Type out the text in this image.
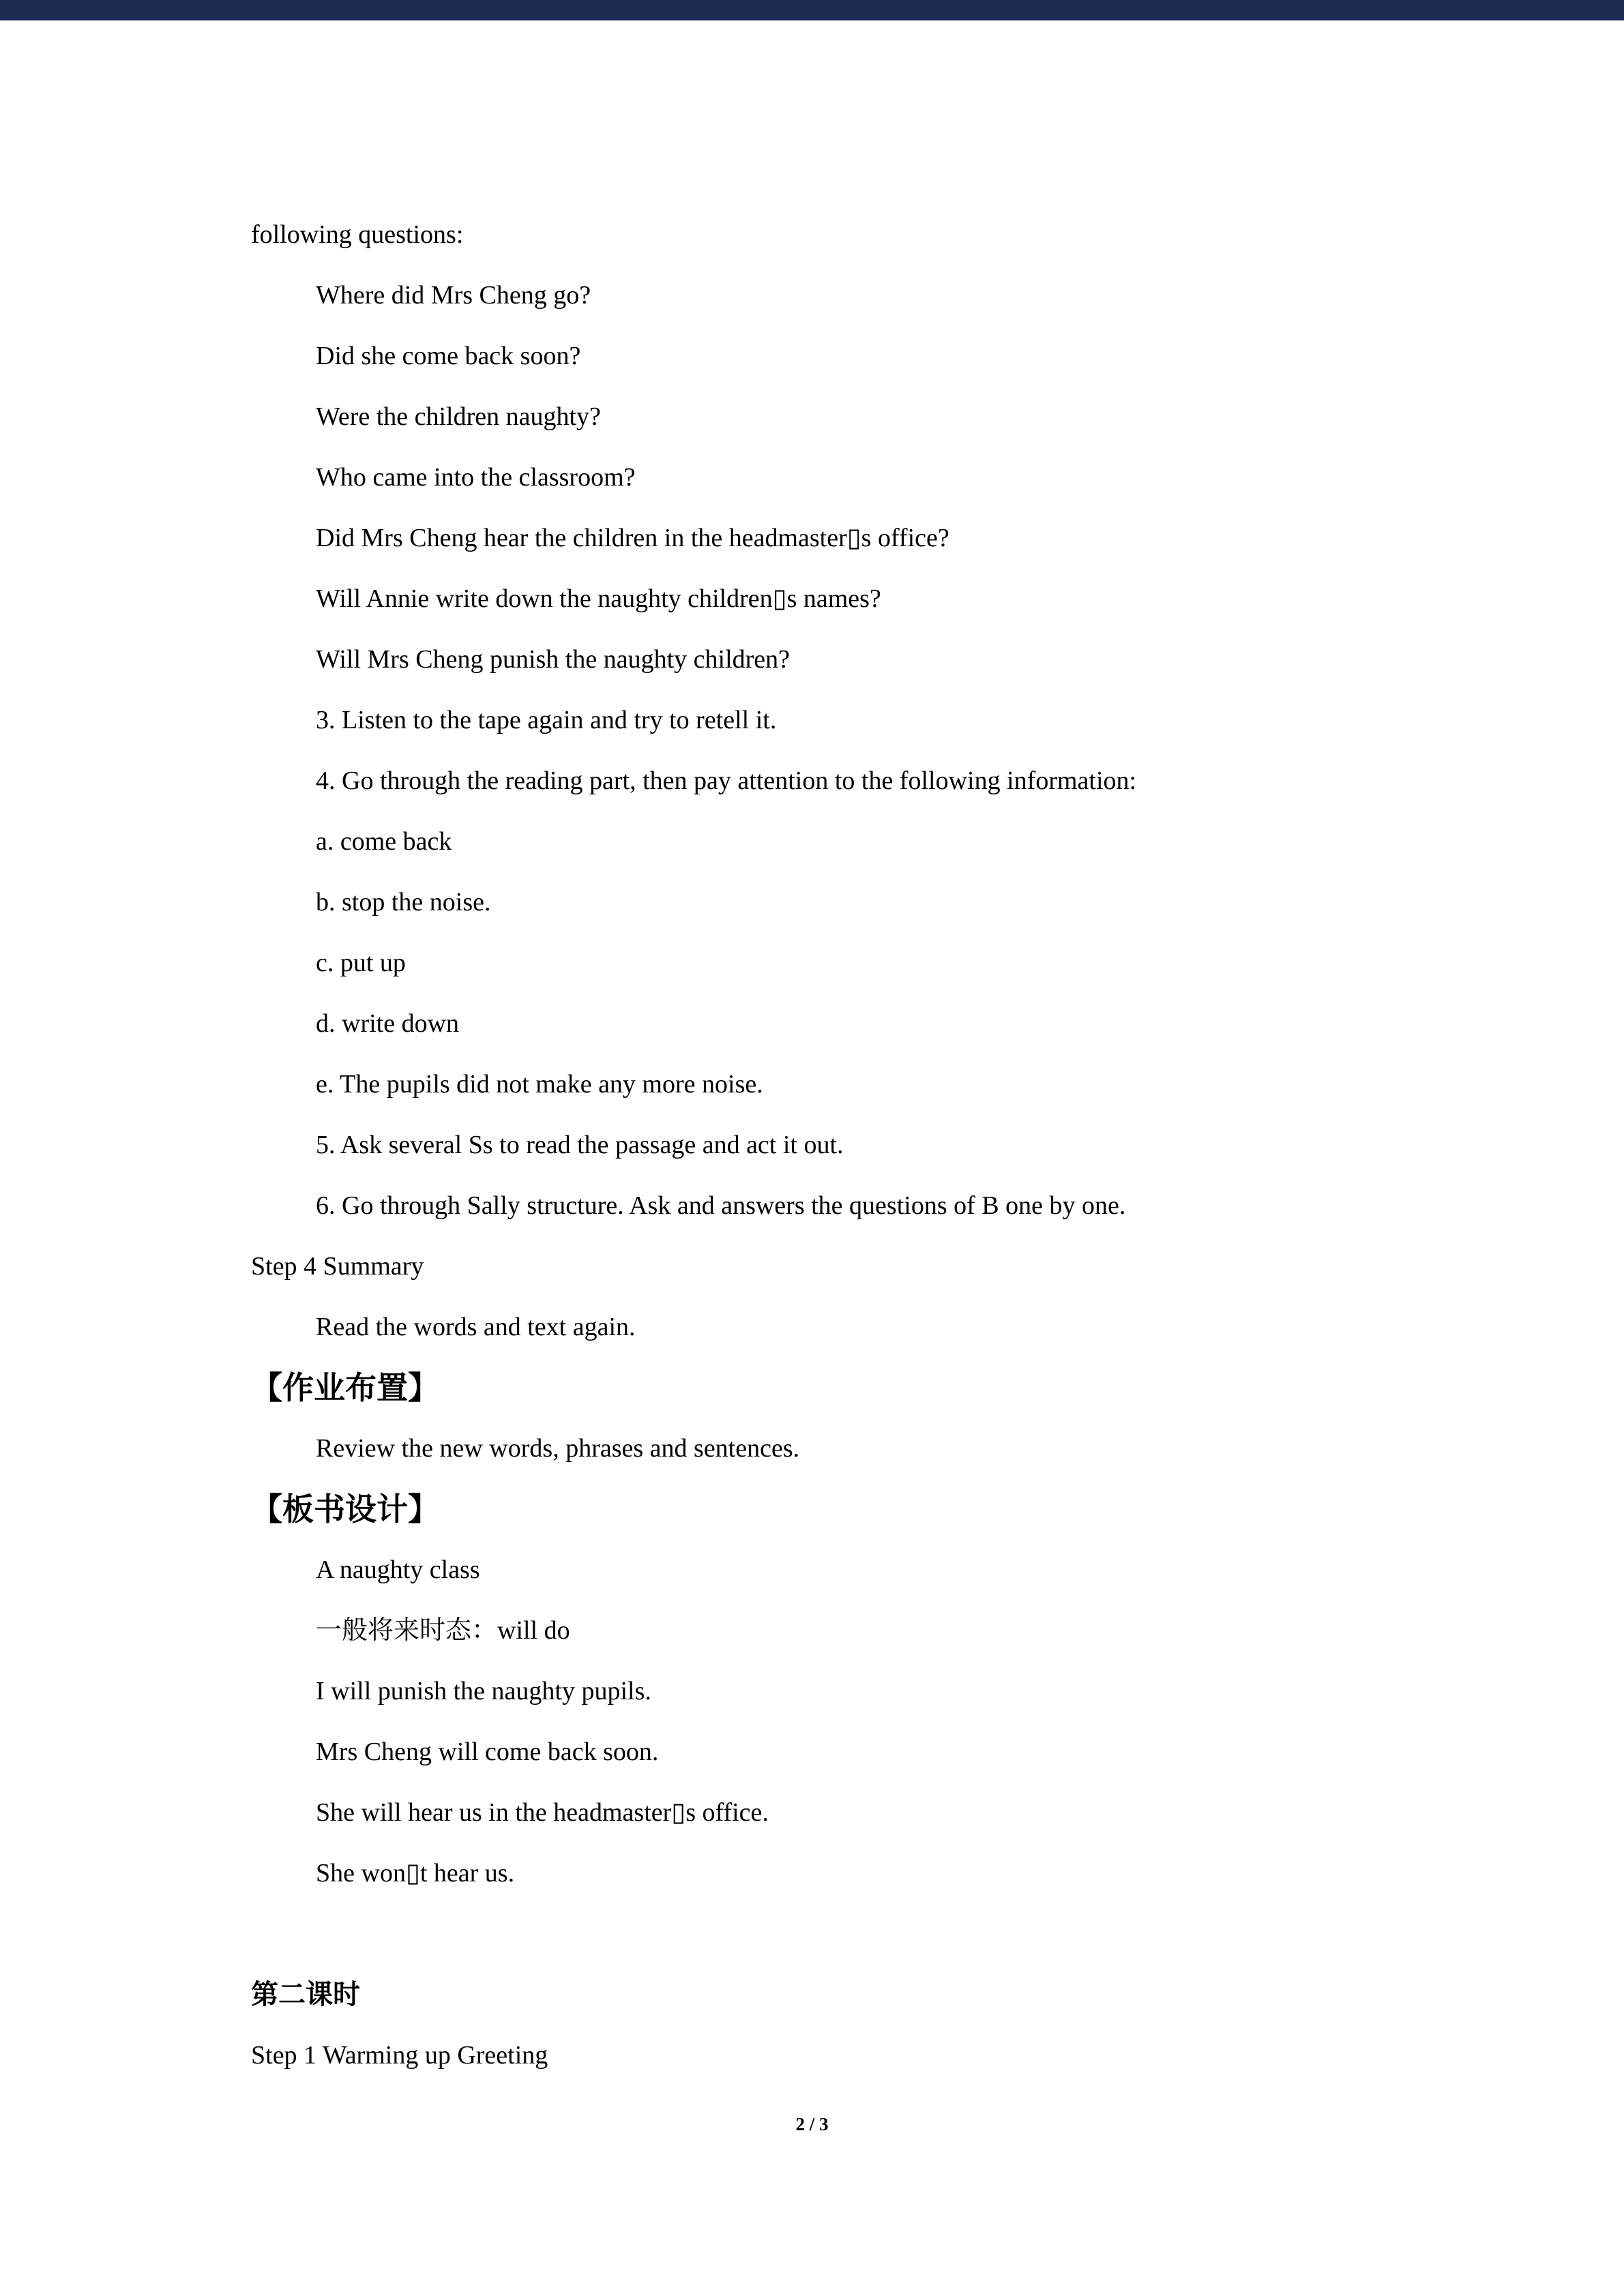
following questions:
Where did Mrs Cheng go?
Did she come back soon?
Were the children naughty?
Who came into the classroom?
Did Mrs Cheng hear the children in the headmaster▯s office?
Will Annie write down the naughty children▯s names?
Will Mrs Cheng punish the naughty children?
3. Listen to the tape again and try to retell it.
4. Go through the reading part, then pay attention to the following information:
a. come back
b. stop the noise.
c. put up
d. write down
e. The pupils did not make any more noise.
5. Ask several Ss to read the passage and act it out.
6. Go through Sally structure. Ask and answers the questions of B one by one.
Step 4 Summary
Read the words and text again.
【作业布置】
Review the new words, phrases and sentences.
【板书设计】
A naughty class
一般将来时态：will do
I will punish the naughty pupils.
Mrs Cheng will come back soon.
She will hear us in the headmaster▯s office.
She won▯t hear us.
第二课时
Step 1 Warming up Greeting
2 / 3
